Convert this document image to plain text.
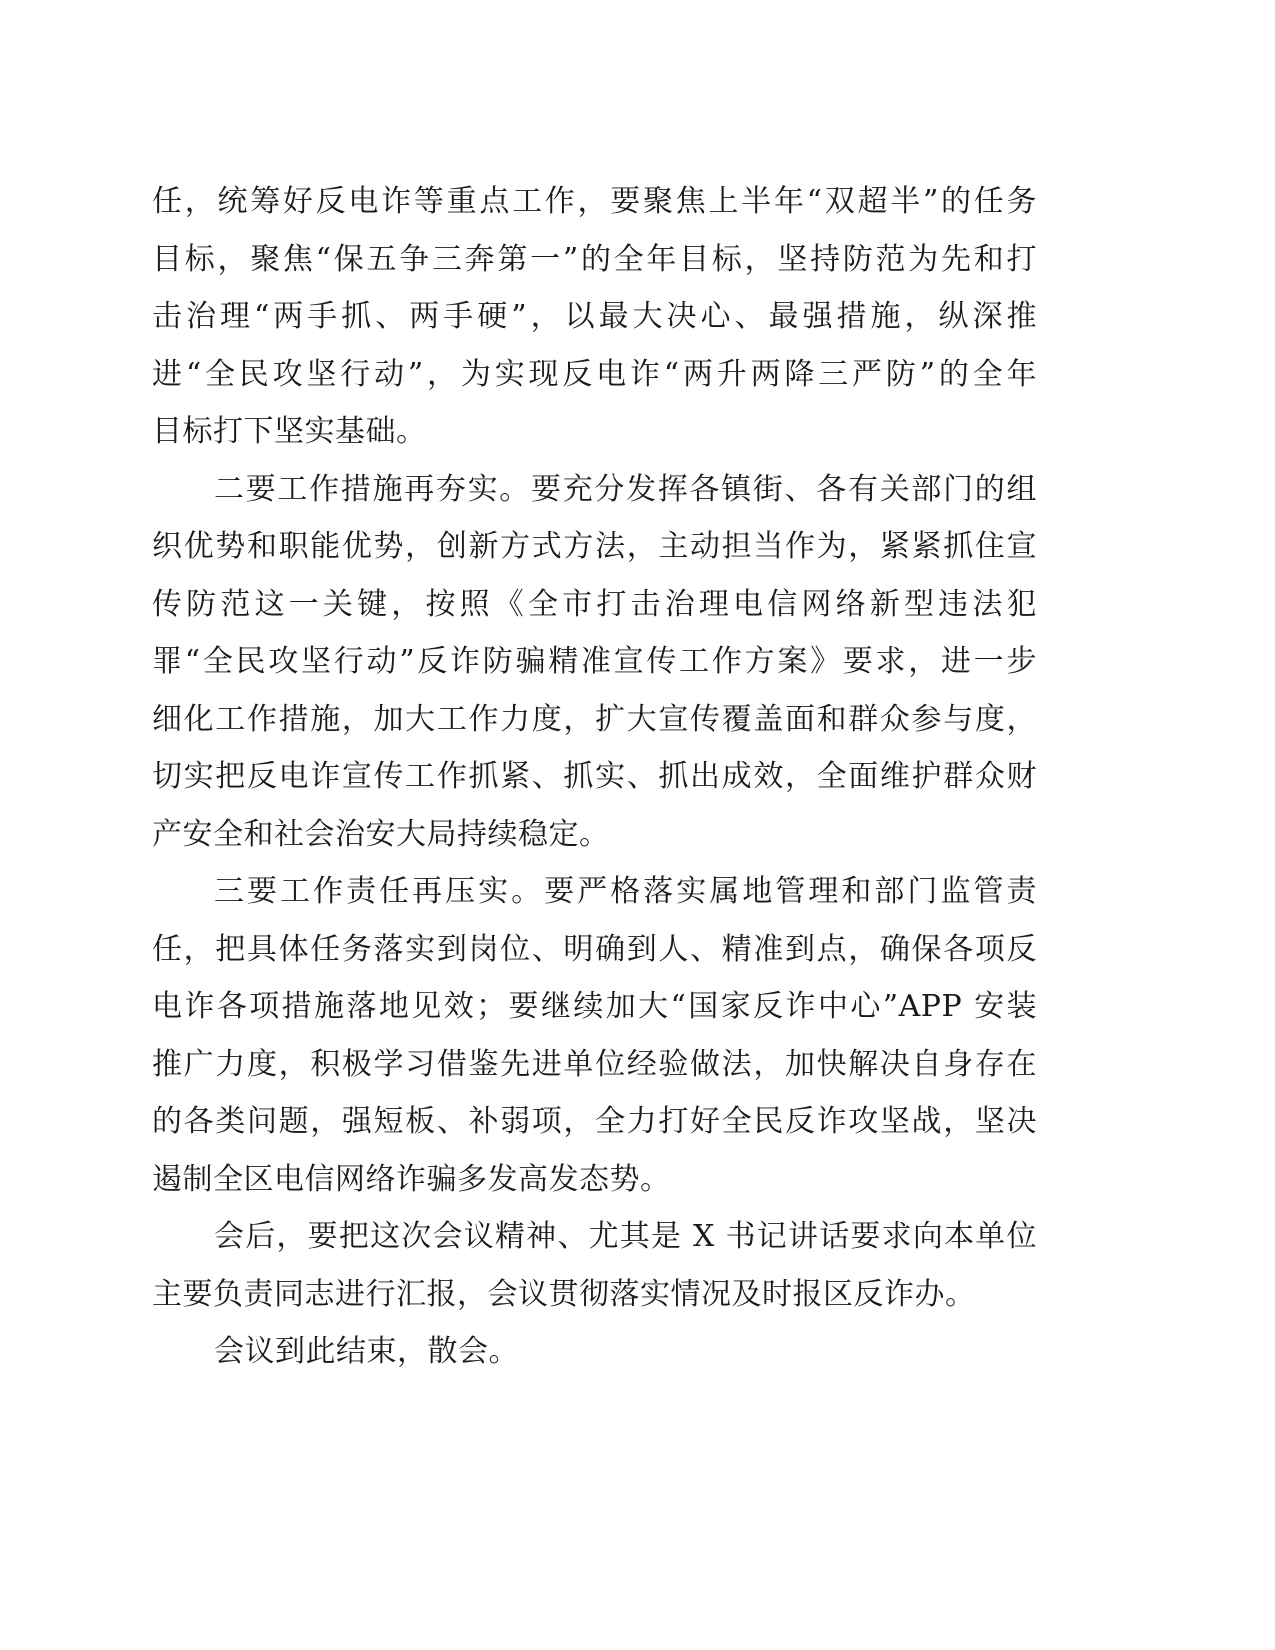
任，统筹好反电诈等重点工作，要聚焦上半年“双超半”的任务
目标，聚焦“保五争三奔第一”的全年目标，坚持防范为先和打
击治理“两手抓、两手硬”，以最大决心、最强措施，纵深推
进“全民攻坚行动”，为实现反电诈“两升两降三严防”的全年
目标打下坚实基础。
二要工作措施再夯实。要充分发挥各镇街、各有关部门的组
织优势和职能优势，创新方式方法，主动担当作为，紧紧抓住宣
传防范这一关键，按照《全市打击治理电信网络新型违法犯
罪“全民攻坚行动”反诈防骗精准宣传工作方案》要求，进一步
细化工作措施，加大工作力度，扩大宣传覆盖面和群众参与度，
切实把反电诈宣传工作抓紧、抓实、抓出成效，全面维护群众财
产安全和社会治安大局持续稳定。
三要工作责任再压实。要严格落实属地管理和部门监管责
任，把具体任务落实到岗位、明确到人、精准到点，确保各项反
电诈各项措施落地见效；要继续加大“国家反诈中心”APP 安装
推广力度，积极学习借鉴先进单位经验做法，加快解决自身存在
的各类问题，强短板、补弱项，全力打好全民反诈攻坚战，坚决
遏制全区电信网络诈骗多发高发态势。
会后，要把这次会议精神、尤其是 X 书记讲话要求向本单位
主要负责同志进行汇报，会议贯彻落实情况及时报区反诈办。
会议到此结束，散会。
